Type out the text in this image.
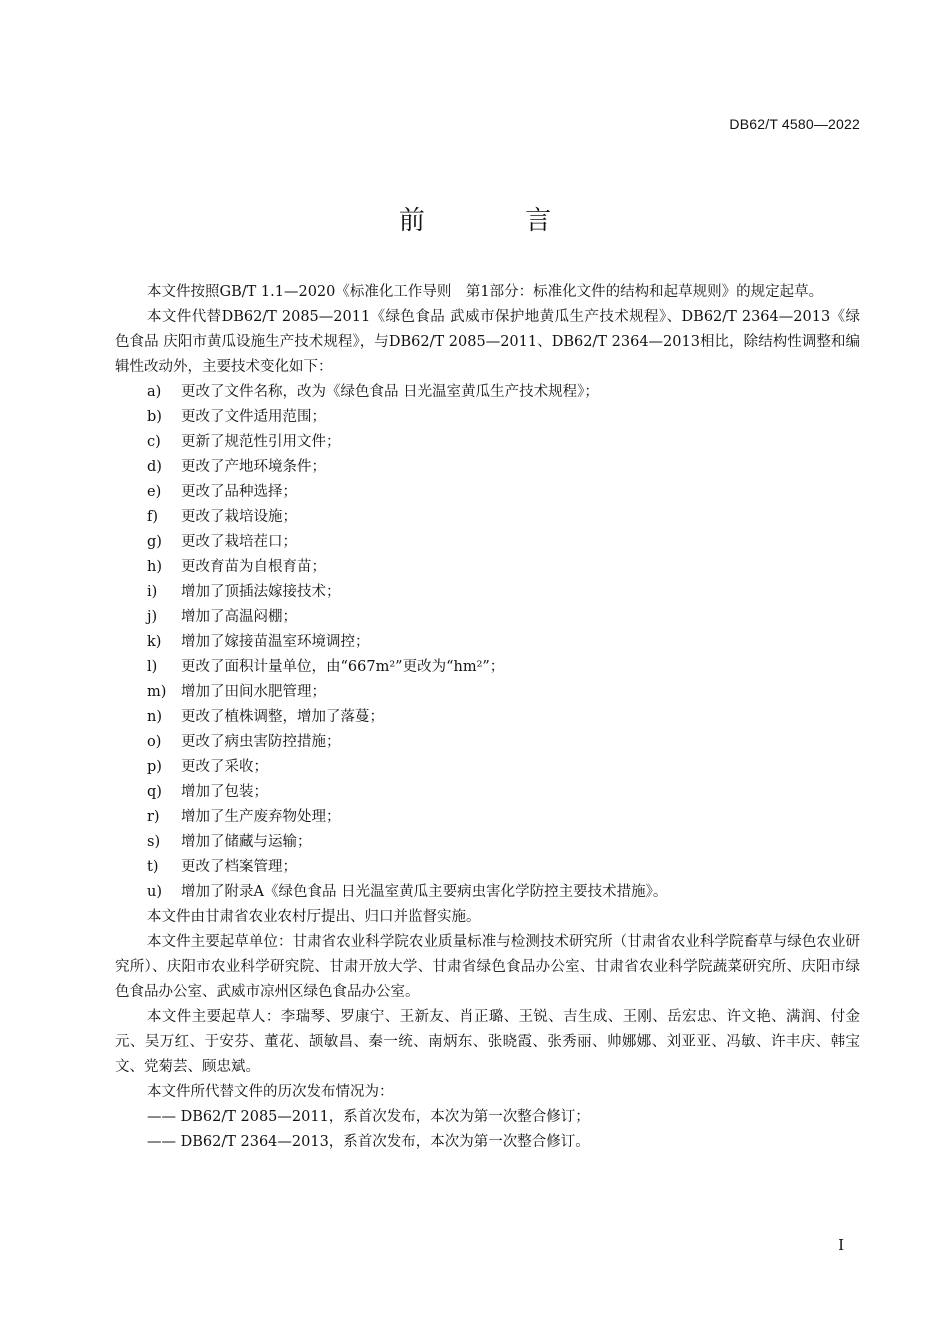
DB62/T 4580—2022
前 言

本文件按照GB/T 1.1—2020《标准化工作导则　第1部分：标准化文件的结构和起草规则》的规定起草。

本文件代替DB62/T 2085—2011《绿色食品 武威市保护地黄瓜生产技术规程》、DB62/T 2364—2013《绿色食品 庆阳市黄瓜设施生产技术规程》，与DB62/T 2085—2011、DB62/T 2364—2013相比，除结构性调整和编辑性改动外，主要技术变化如下：

a) 更改了文件名称，改为《绿色食品 日光温室黄瓜生产技术规程》；
b) 更改了文件适用范围；
c) 更新了规范性引用文件；
d) 更改了产地环境条件；
e) 更改了品种选择；
f) 更改了栽培设施；
g) 更改了栽培茬口；
h) 更改育苗为自根育苗；
i) 增加了顶插法嫁接技术；
j) 增加了高温闷棚；
k) 增加了嫁接苗温室环境调控；
l) 更改了面积计量单位，由“667m²”更改为“hm²”；
m) 增加了田间水肥管理；
n) 更改了植株调整，增加了落蔓；
o) 更改了病虫害防控措施；
p) 更改了采收；
q) 增加了包装；
r) 增加了生产废弃物处理；
s) 增加了储藏与运输；
t) 更改了档案管理；
u) 增加了附录A《绿色食品 日光温室黄瓜主要病虫害化学防控主要技术措施》。

本文件由甘肃省农业农村厅提出、归口并监督实施。

本文件主要起草单位：甘肃省农业科学院农业质量标准与检测技术研究所（甘肃省农业科学院畜草与绿色农业研究所）、庆阳市农业科学研究院、甘肃开放大学、甘肃省绿色食品办公室、甘肃省农业科学院蔬菜研究所、庆阳市绿色食品办公室、武威市凉州区绿色食品办公室。

本文件主要起草人：李瑞琴、罗康宁、王新友、肖正璐、王锐、吉生成、王刚、岳宏忠、许文艳、满润、付金元、吴万红、于安芬、董花、颉敏昌、秦一统、南炳东、张晓霞、张秀丽、帅娜娜、刘亚亚、冯敏、许丰庆、韩宝文、党菊芸、顾忠斌。

本文件所代替文件的历次发布情况为：

—— DB62/T 2085—2011，系首次发布，本次为第一次整合修订；

—— DB62/T 2364—2013，系首次发布，本次为第一次整合修订。

I
